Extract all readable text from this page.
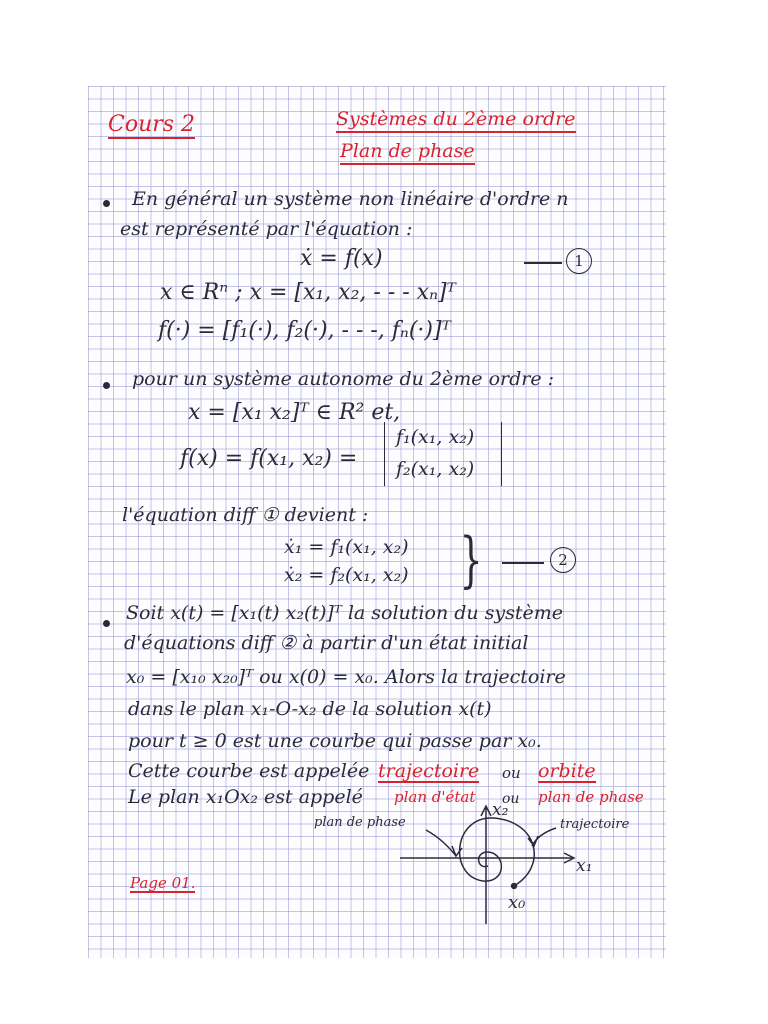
Cours 2	Systèmes du 2ème ordre
Plan de phase
En général un système non linéaire d'ordre n
est représenté par l'équation :
ẋ = f(x)	1
x ∈ Rⁿ ; x = [x₁, x₂, - - - xₙ]ᵀ
f(·) = [f₁(·), f₂(·), - - -, fₙ(·)]ᵀ
pour un système autonome du 2ème ordre :
x = [x₁ x₂]ᵀ ∈ R² et,
f(x) = f(x₁, x₂) =
f₁(x₁, x₂)
f₂(x₁, x₂)
l'équation diff ① devient :
ẋ₁ = f₁(x₁, x₂)
ẋ₂ = f₂(x₁, x₂) }	2
Soit x(t) = [x₁(t) x₂(t)]ᵀ la solution du système
d'équations diff ② à partir d'un état initial
x₀ = [x₁₀ x₂₀]ᵀ ou x(0) = x₀. Alors la trajectoire
dans le plan x₁-O-x₂ de la solution x(t)
pour t ≥ 0 est une courbe qui passe par x₀.
Cette courbe est appelée trajectoire ou orbite
Le plan x₁Ox₂ est appelé plan d'état ou plan de phase
plan de phase	trajectoire
x₁
x₂
x₀
Page 01.
